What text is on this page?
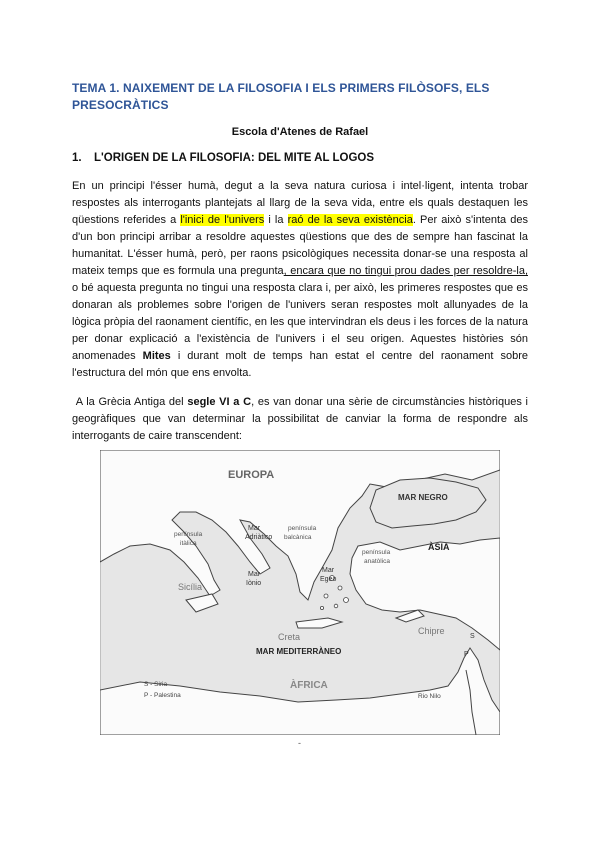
TEMA 1. NAIXEMENT DE LA FILOSOFIA I ELS PRIMERS FILÒSOFS, ELS PRESOCRÀTICS

Escola d'Atenes de Rafael

1. L'ORIGEN DE LA FILOSOFIA: DEL MITE AL LOGOS

En un principi l'ésser humà, degut a la seva natura curiosa i intel·ligent, intenta trobar respostes als interrogants plantejats al llarg de la seva vida, entre els quals destaquen les qüestions referides a l'inici de l'univers i la raó de la seva existència. Per això s'intenta des d'un bon principi arribar a resoldre aquestes qüestions que des de sempre han fascinat la humanitat. L'ésser humà, però, per raons psicològiques necessita donar-se una resposta al mateix temps que es formula una pregunta, encara que no tingui prou dades per resoldre-la, o bé aquesta pregunta no tingui una resposta clara i, per això, les primeres respostes que es donaran als problemes sobre l'origen de l'univers seran respostes molt allunyades de la lògica pròpia del raonament científic, en les que intervindran els deus i les forces de la natura per donar explicació a l'existència de l'univers i el seu origen. Aquestes històries són anomenades Mites i durant molt de temps han estat el centre del raonament sobre l'estructura del món que ens envolta.

A la Grècia Antiga del segle VI a C, es van donar una sèrie de circumstàncies històriques i geogràfiques que van determinar la possibilitat de canviar la forma de respondre als interrogants de caire transcendent:

EUROPA
MAR NEGRO
ÀSIA
península
itàlica
Mar
Adriàtico
península
balcànica
península
anatòlica
Mar
Iònio
Mar
Egeo
Sicília
Creta
Chipre
MAR MEDITERRÀNEO
ÀFRICA
S
P
S - Siria
P - Palestina	Rio Nilo
-
